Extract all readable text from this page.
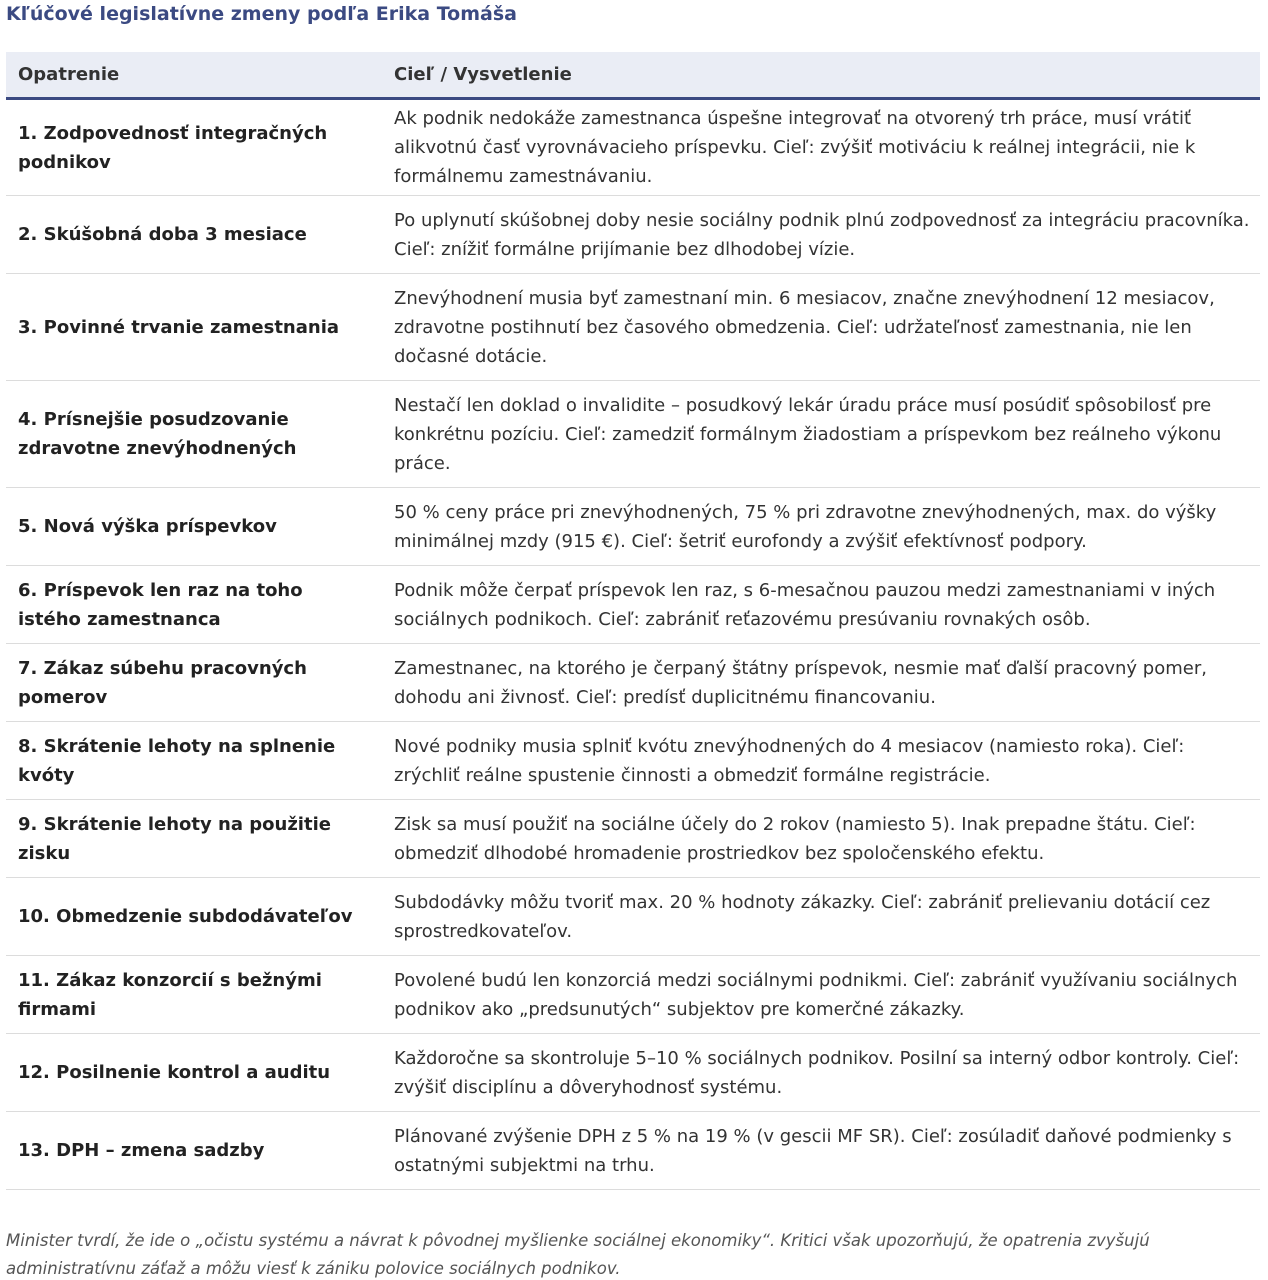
Kľúčové legislatívne zmeny podľa Erika Tomáša
Opatrenie	Cieľ / Vysvetlenie
1. Zodpovednosť integračných podnikov	Ak podnik nedokáže zamestnanca úspešne integrovať na otvorený trh práce, musí vrátiť alikvotnú časť vyrovnávacieho príspevku. Cieľ: zvýšiť motiváciu k reálnej integrácii, nie k formálnemu zamestnávaniu.
2. Skúšobná doba 3 mesiace	Po uplynutí skúšobnej doby nesie sociálny podnik plnú zodpovednosť za integráciu pracovníka. Cieľ: znížiť formálne prijímanie bez dlhodobej vízie.
3. Povinné trvanie zamestnania	Znevýhodnení musia byť zamestnaní min. 6 mesiacov, značne znevýhodnení 12 mesiacov, zdravotne postihnutí bez časového obmedzenia. Cieľ: udržateľnosť zamestnania, nie len dočasné dotácie.
4. Prísnejšie posudzovanie zdravotne znevýhodnených	Nestačí len doklad o invalidite – posudkový lekár úradu práce musí posúdiť spôsobilosť pre konkrétnu pozíciu. Cieľ: zamedziť formálnym žiadostiam a príspevkom bez reálneho výkonu práce.
5. Nová výška príspevkov	50 % ceny práce pri znevýhodnených, 75 % pri zdravotne znevýhodnených, max. do výšky minimálnej mzdy (915 €). Cieľ: šetriť eurofondy a zvýšiť efektívnosť podpory.
6. Príspevok len raz na toho istého zamestnanca	Podnik môže čerpať príspevok len raz, s 6-mesačnou pauzou medzi zamestnaniami v iných sociálnych podnikoch. Cieľ: zabrániť reťazovému presúvaniu rovnakých osôb.
7. Zákaz súbehu pracovných pomerov	Zamestnanec, na ktorého je čerpaný štátny príspevok, nesmie mať ďalší pracovný pomer, dohodu ani živnosť. Cieľ: predísť duplicitnému financovaniu.
8. Skrátenie lehoty na splnenie kvóty	Nové podniky musia splniť kvótu znevýhodnených do 4 mesiacov (namiesto roka). Cieľ: zrýchliť reálne spustenie činnosti a obmedziť formálne registrácie.
9. Skrátenie lehoty na použitie zisku	Zisk sa musí použiť na sociálne účely do 2 rokov (namiesto 5). Inak prepadne štátu. Cieľ: obmedziť dlhodobé hromadenie prostriedkov bez spoločenského efektu.
10. Obmedzenie subdodávateľov	Subdodávky môžu tvoriť max. 20 % hodnoty zákazky. Cieľ: zabrániť prelievaniu dotácií cez sprostredkovateľov.
11. Zákaz konzorcií s bežnými firmami	Povolené budú len konzorciá medzi sociálnymi podnikmi. Cieľ: zabrániť využívaniu sociálnych podnikov ako „predsunutých“ subjektov pre komerčné zákazky.
12. Posilnenie kontrol a auditu	Každoročne sa skontroluje 5–10 % sociálnych podnikov. Posilní sa interný odbor kontroly. Cieľ: zvýšiť disciplínu a dôveryhodnosť systému.
13. DPH – zmena sadzby	Plánované zvýšenie DPH z 5 % na 19 % (v gescii MF SR). Cieľ: zosúladiť daňové podmienky s ostatnými subjektmi na trhu.
Minister tvrdí, že ide o „očistu systému a návrat k pôvodnej myšlienke sociálnej ekonomiky“. Kritici však upozorňujú, že opatrenia zvyšujú administratívnu záťaž a môžu viesť k zániku polovice sociálnych podnikov.
